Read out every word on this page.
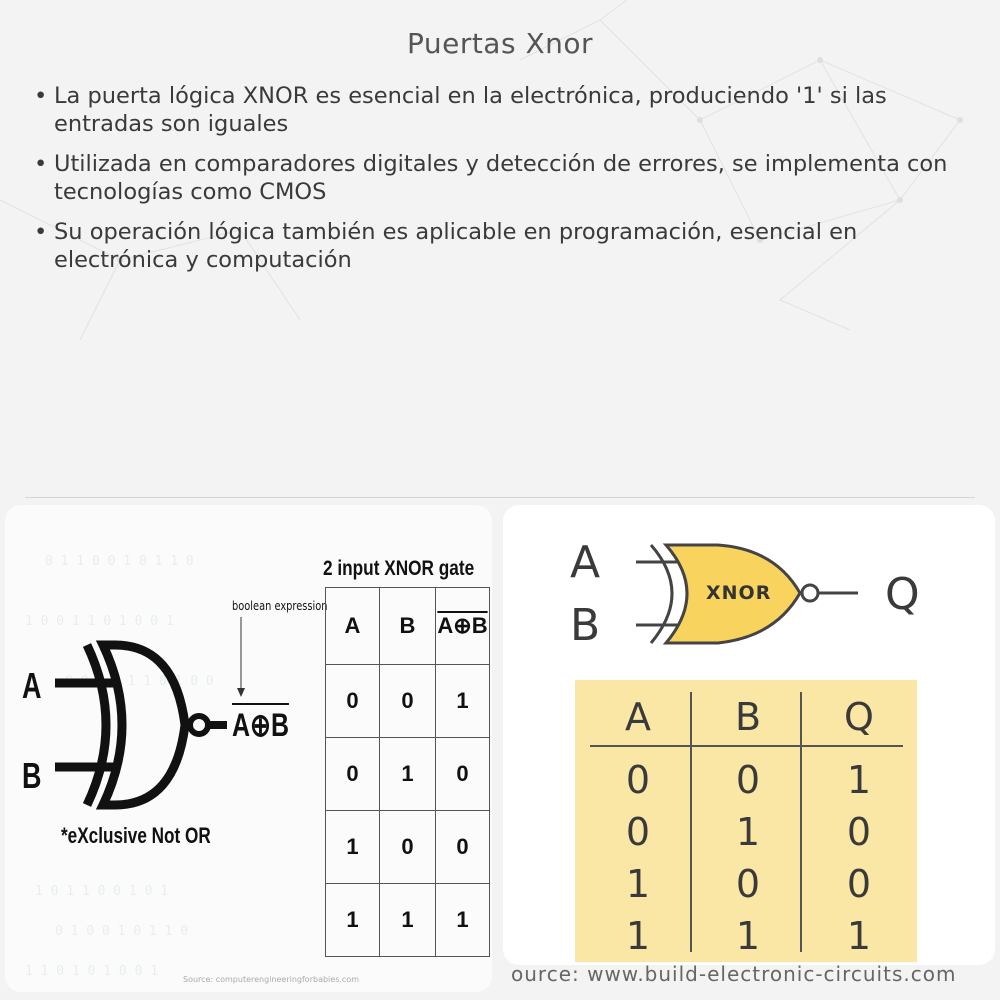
Puertas Xnor
• La puerta lógica XNOR es esencial en la electrónica, produciendo '1' si las entradas son iguales
• Utilizada en comparadores digitales y detección de errores, se implementa con tecnologías como CMOS
• Su operación lógica también es aplicable en programación, esencial en electrónica y computación
0 1 1 0 0 1 0 1 1 0
1 0 0 1 1 0 1 0 0 1
0 0 1 0 1 1 0 1 0 0
1 0 1 1 0 0 1 0 1
0 1 0 0 1 0 1 1 0
1 1 0 1 0 1 0 0 1
2 input XNOR gate
boolean expression
A
B
A⊕B
*eXclusive Not OR
A	B	A⊕B
0	0	1
0	1	0
1	0	0
1	1	1
Source: computerengineeringforbabies.com
A
B
Q
XNOR
A	B	Q
0	0	1
0	1	0
1	0	0
1	1	1
ource: www.build-electronic-circuits.com
